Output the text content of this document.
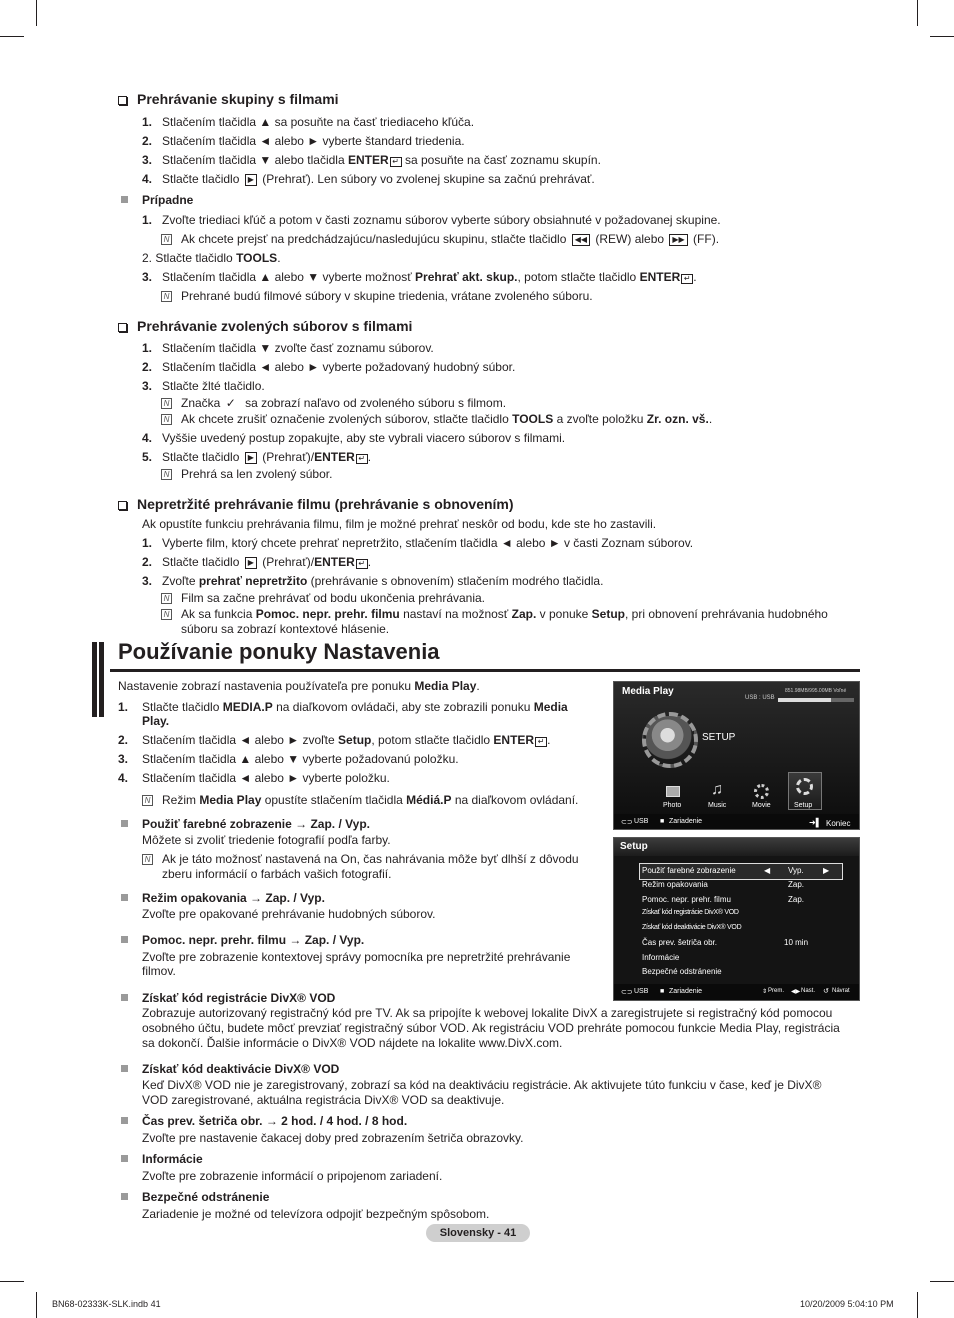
Prehrávanie skupiny s filmami
1. Stlačením tlačidla ▲ sa posuňte na časť triediaceho kľúča.
2. Stlačením tlačidla ◄ alebo ► vyberte štandard triedenia.
3. Stlačením tlačidla ▼ alebo tlačidla ENTER ↵ sa posuňte na časť zoznamu skupín.
4. Stlačte tlačidlo ▶ (Prehrať). Len súbory vo zvolenej skupine sa začnú prehrávať.
Prípadne
1. Zvoľte triediaci kľúč a potom v časti zoznamu súborov vyberte súbory obsiahnuté v požadovanej skupine.
N Ak chcete prejsť na predchádzajúcu/nasledujúcu skupinu, stlačte tlačidlo ◀◀ (REW) alebo ▶▶ (FF).
2. Stlačte tlačidlo TOOLS.
3. Stlačením tlačidla ▲ alebo ▼ vyberte možnosť Prehrať akt. skup., potom stlačte tlačidlo ENTER ↵ .
N Prehrané budú filmové súbory v skupine triedenia, vrátane zvoleného súboru.
Prehrávanie zvolených súborov s filmami
1. Stlačením tlačidla ▼ zvoľte časť zoznamu súborov.
2. Stlačením tlačidla ◄ alebo ► vyberte požadovaný hudobný súbor.
3. Stlačte žlté tlačidlo.
N Značka ✓ sa zobrazí naľavo od zvoleného súboru s filmom.
N Ak chcete zrušiť označenie zvolených súborov, stlačte tlačidlo TOOLS a zvoľte položku Zr. ozn. vš..
4. Vyššie uvedený postup zopakujte, aby ste vybrali viacero súborov s filmami.
5. Stlačte tlačidlo ▶ (Prehrať)/ENTER ↵ .
N Prehrá sa len zvolený súbor.
Nepretržité prehrávanie filmu (prehrávanie s obnovením)
Ak opustíte funkciu prehrávania filmu, film je možné prehrať neskôr od bodu, kde ste ho zastavili.
1. Vyberte film, ktorý chcete prehrať nepretržito, stlačením tlačidla ◄ alebo ► v časti Zoznam súborov.
2. Stlačte tlačidlo ▶ (Prehrať)/ENTER ↵ .
3. Zvoľte prehrať nepretržito (prehrávanie s obnovením) stlačením modrého tlačidla.
N Film sa začne prehrávať od bodu ukončenia prehrávania.
N Ak sa funkcia Pomoc. nepr. prehr. filmu nastaví na možnosť Zap. v ponuke Setup, pri obnovení prehrávania hudobného
súboru sa zobrazí kontextové hlásenie.
Používanie ponuky Nastavenia
Nastavenie zobrazí nastavenia používateľa pre ponuku Media Play.
1. Stlačte tlačidlo MEDIA.P na diaľkovom ovládači, aby ste zobrazili ponuku Media
Play.
2. Stlačením tlačidla ◄ alebo ► zvoľte Setup, potom stlačte tlačidlo ENTER ↵ .
3. Stlačením tlačidla ▲ alebo ▼ vyberte požadovanú položku.
4. Stlačením tlačidla ◄ alebo ► vyberte položku.
N Režim Media Play opustíte stlačením tlačidla Médiá.P na diaľkovom ovládaní.
Použiť farebné zobrazenie → Zap. / Vyp.
Môžete si zvoliť triedenie fotografií podľa farby.
N Ak je táto možnosť nastavená na On, čas nahrávania môže byť dlhší z dôvodu
zberu informácií o farbách vašich fotografií.
Režim opakovania → Zap. / Vyp.
Zvoľte pre opakované prehrávanie hudobných súborov.
Pomoc. nepr. prehr. filmu → Zap. / Vyp.
Zvoľte pre zobrazenie kontextovej správy pomocníka pre nepretržité prehrávanie
filmov.
Získať kód registrácie DivX® VOD
Zobrazuje autorizovaný registračný kód pre TV. Ak sa pripojíte k webovej lokalite DivX a zaregistrujete si registračný kód pomocou
osobného účtu, budete môcť prevziať registračný súbor VOD. Ak registráciu VOD prehráte pomocou funkcie Media Play, registrácia
sa dokončí. Ďalšie informácie o DivX® VOD nájdete na lokalite www.DivX.com.
Získať kód deaktivácie DivX® VOD
Keď DivX® VOD nie je zaregistrovaný, zobrazí sa kód na deaktiváciu registrácie. Ak aktivujete túto funkciu v čase, keď je DivX®
VOD zaregistrované, aktuálna registrácia DivX® VOD sa deaktivuje.
Čas prev. šetriča obr. → 2 hod. / 4 hod. / 8 hod.
Zvoľte pre nastavenie čakacej doby pred zobrazením šetriča obrazovky.
Informácie
Zvoľte pre zobrazenie informácií o pripojenom zariadení.
Bezpečné odstránenie
Zariadenie je možné od televízora odpojiť bezpečným spôsobom.
Media Play
USB : USB
851.98MB/995.00MB Voľné
SETUP
Photo
♫
Music	Movie	Setup
⊂⊃ USB ■ Zariadenie	➜▌ Koniec
Setup
Použiť farebné zobrazenie	◀ Vyp. ▶
Režim opakovania	Zap.
Pomoc. nepr. prehr. filmu	Zap.
Získať kód registrácie DivX® VOD
Získať kód deaktivácie DivX® VOD
Čas prev. šetriča obr.	10 min
Informácie
Bezpečné odstránenie
⊂⊃ USB ■ Zariadenie	⇕ Prem. ◀▶ Nast. ↺ Návrat
Slovensky - 41
BN68-02333K-SLK.indb 41	10/20/2009 5:04:10 PM
